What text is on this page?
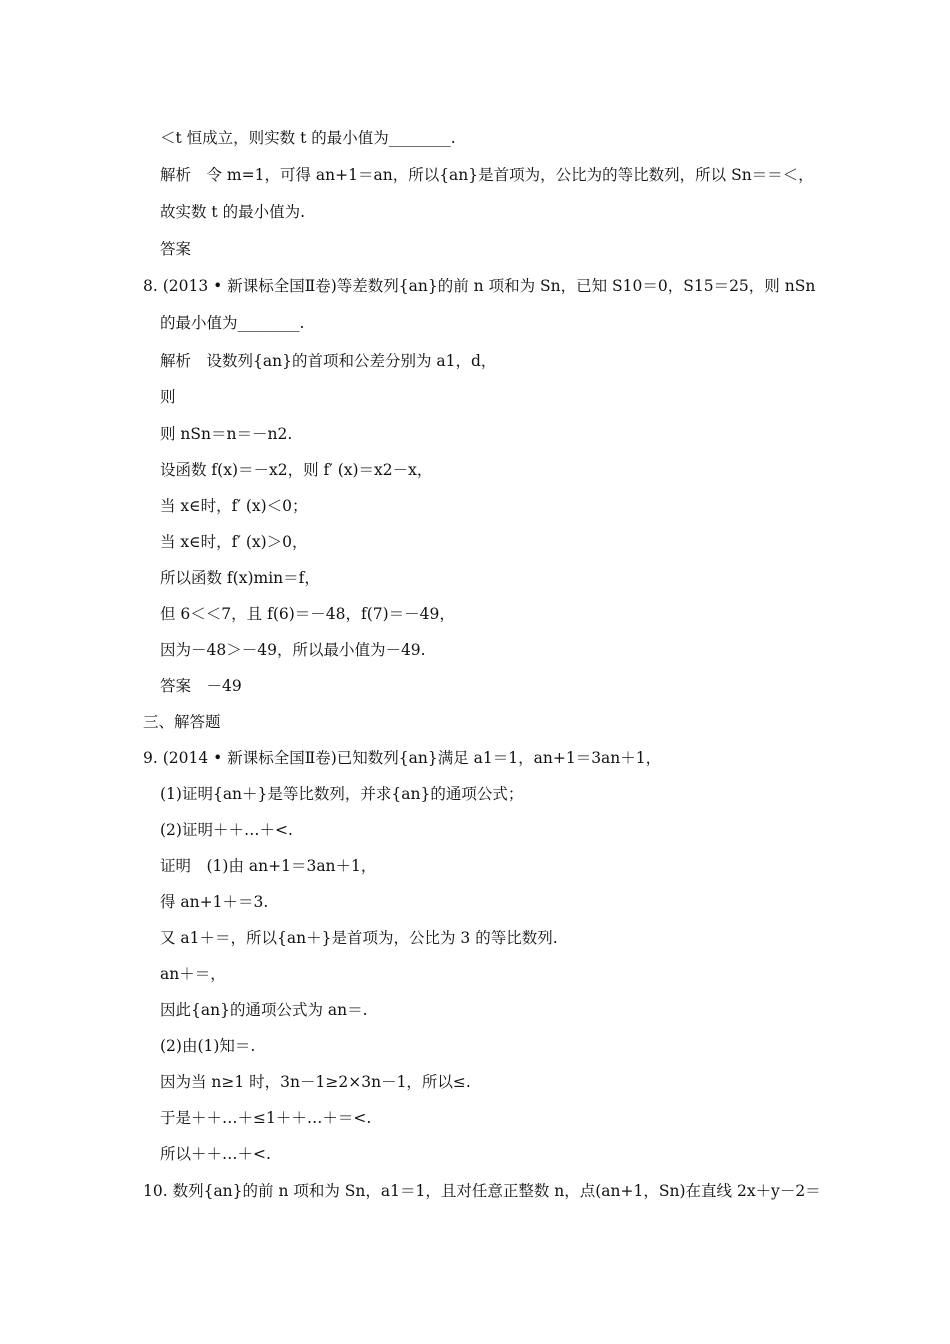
＜t 恒成立，则实数 t 的最小值为________.
解析　令 m=1，可得 an+1＝an，所以{an}是首项为，公比为的等比数列，所以 Sn＝＝＜，
故实数 t 的最小值为.
答案
8. (2013 • 新课标全国Ⅱ卷)等差数列{an}的前 n 项和为 Sn，已知 S10＝0，S15＝25，则 nSn
的最小值为________.
解析　设数列{an}的首项和公差分别为 a1，d，
则
则 nSn＝n＝－n2.
设函数 f(x)＝－x2，则 f′ (x)＝x2－x，
当 x∈时，f′ (x)＜0；
当 x∈时，f′ (x)＞0，
所以函数 f(x)min＝f，
但 6＜＜7，且 f(6)＝－48，f(7)＝－49，
因为－48＞－49，所以最小值为－49.
答案　－49
三、解答题
9. (2014 • 新课标全国Ⅱ卷)已知数列{an}满足 a1＝1，an+1＝3an＋1，
(1)证明{an＋}是等比数列，并求{an}的通项公式；
(2)证明＋＋…＋<.
证明　(1)由 an+1＝3an＋1，
得 an+1＋＝3.
又 a1＋＝，所以{an＋}是首项为，公比为 3 的等比数列.
an＋＝，
因此{an}的通项公式为 an＝.
(2)由(1)知＝.
因为当 n≥1 时，3n－1≥2×3n－1，所以≤.
于是＋＋…＋≤1＋＋…＋＝<.
所以＋＋…＋<.
10. 数列{an}的前 n 项和为 Sn，a1＝1，且对任意正整数 n，点(an+1，Sn)在直线 2x＋y－2＝
